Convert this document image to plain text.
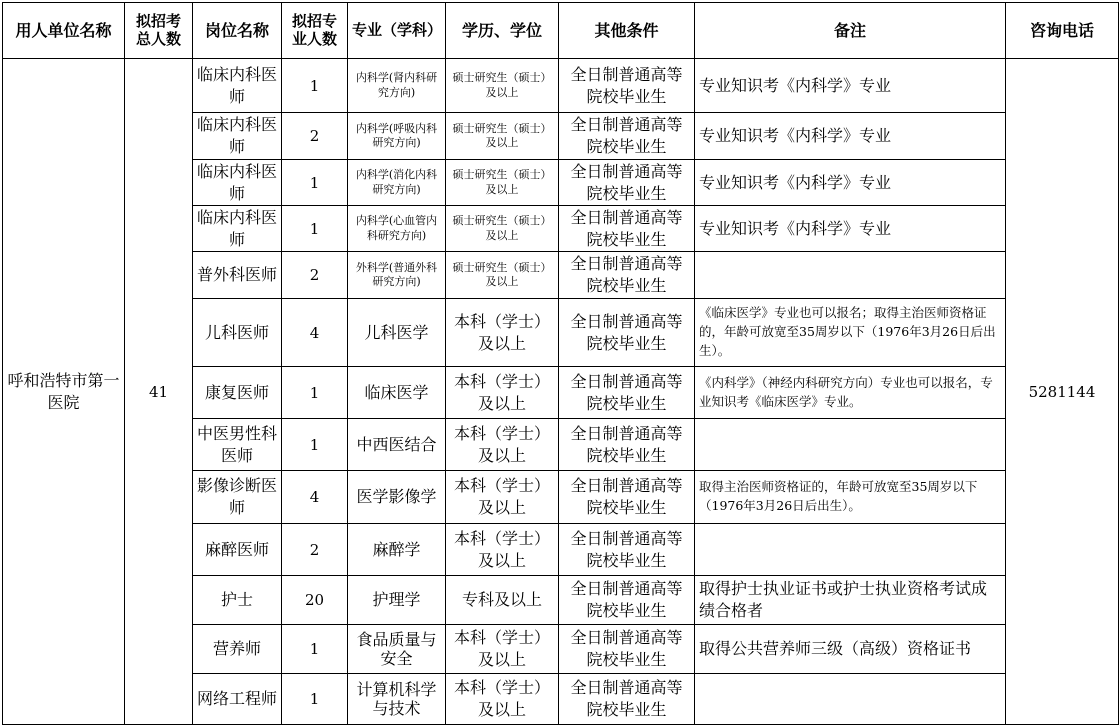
用人单位名称	拟招考总人数	岗位名称	拟招专业人数	专业（学科）	学历、学位	其他条件	备注	咨询电话
呼和浩特市第一医院	41	临床内科医师	1	内科学(肾内科研究方向)	硕士研究生（硕士）及以上	全日制普通高等院校毕业生	专业知识考《内科学》专业	5281144
		临床内科医师	2	内科学(呼吸内科研究方向)	硕士研究生（硕士）及以上	全日制普通高等院校毕业生	专业知识考《内科学》专业	
		临床内科医师	1	内科学(消化内科研究方向)	硕士研究生（硕士）及以上	全日制普通高等院校毕业生	专业知识考《内科学》专业	
		临床内科医师	1	内科学(心血管内科研究方向)	硕士研究生（硕士）及以上	全日制普通高等院校毕业生	专业知识考《内科学》专业	
		普外科医师	2	外科学(普通外科研究方向)	硕士研究生（硕士）及以上	全日制普通高等院校毕业生		
		儿科医师	4	儿科医学	本科（学士）及以上	全日制普通高等院校毕业生	《临床医学》专业也可以报名；取得主治医师资格证的，年龄可放宽至35周岁以下（1976年3月26日后出生）。	
		康复医师	1	临床医学	本科（学士）及以上	全日制普通高等院校毕业生	《内科学》（神经内科研究方向）专业也可以报名，专业知识考《临床医学》专业。	
		中医男性科医师	1	中西医结合	本科（学士）及以上	全日制普通高等院校毕业生		
		影像诊断医师	4	医学影像学	本科（学士）及以上	全日制普通高等院校毕业生	取得主治医师资格证的，年龄可放宽至35周岁以下（1976年3月26日后出生）。	
		麻醉医师	2	麻醉学	本科（学士）及以上	全日制普通高等院校毕业生		
		护士	20	护理学	专科及以上	全日制普通高等院校毕业生	取得护士执业证书或护士执业资格考试成绩合格者	
		营养师	1	食品质量与安全	本科（学士）及以上	全日制普通高等院校毕业生	取得公共营养师三级（高级）资格证书	
		网络工程师	1	计算机科学与技术	本科（学士）及以上	全日制普通高等院校毕业生		
